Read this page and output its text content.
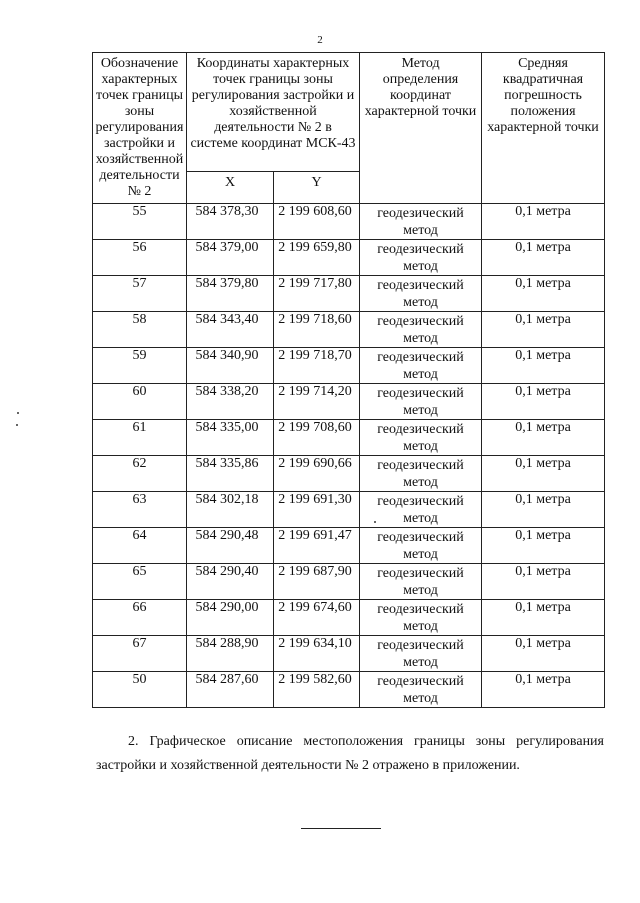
2
Обозначение характерных точек границы зоны регулирования застройки и хозяйственной деятельности № 2	Координаты характерных точек границы зоны регулирования застройки и хозяйственной деятельности № 2 в системе координат МСК-43		Метод определения координат характерной точки	Средняя квадратичная погрешность положения характерной точки

	X	Y		

55	584 378,30	2 199 608,60	геодезический метод	0,1 метра
56	584 379,00	2 199 659,80	геодезический метод	0,1 метра
57	584 379,80	2 199 717,80	геодезический метод	0,1 метра
58	584 343,40	2 199 718,60	геодезический метод	0,1 метра
59	584 340,90	2 199 718,70	геодезический метод	0,1 метра
60	584 338,20	2 199 714,20	геодезический метод	0,1 метра
61	584 335,00	2 199 708,60	геодезический метод	0,1 метра
62	584 335,86	2 199 690,66	геодезический метод	0,1 метра
63	584 302,18	2 199 691,30	геодезический метод	0,1 метра
64	584 290,48	2 199 691,47	геодезический метод	0,1 метра
65	584 290,40	2 199 687,90	геодезический метод	0,1 метра
66	584 290,00	2 199 674,60	геодезический метод	0,1 метра
67	584 288,90	2 199 634,10	геодезический метод	0,1 метра
50	584 287,60	2 199 582,60	геодезический метод	0,1 метра
2. Графическое описание местоположения границы зоны регулирования застройки и хозяйственной деятельности № 2 отражено в приложении.
